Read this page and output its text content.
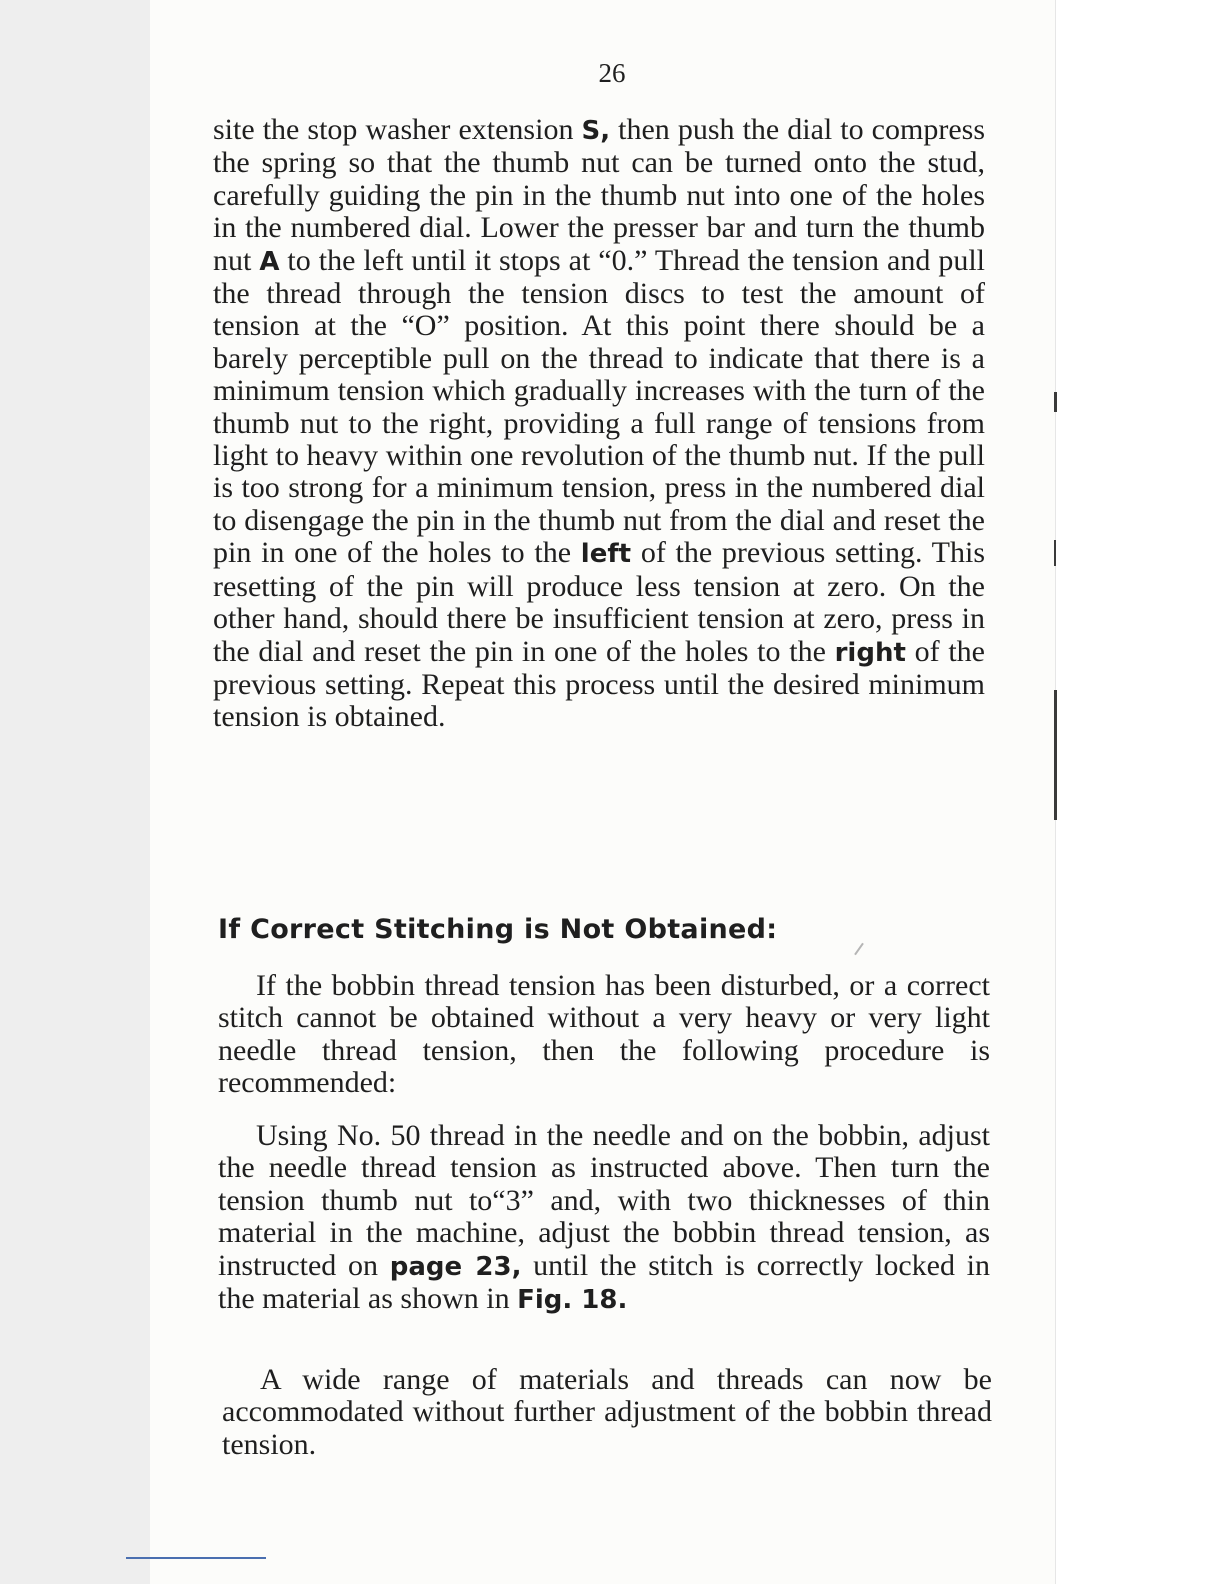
26
site the stop washer extension S, then push the dial to compress the spring so that the thumb nut can be turned onto the stud, carefully guiding the pin in the thumb nut into one of the holes in the numbered dial. Lower the presser bar and turn the thumb nut A to the left until it stops at “0.” Thread the tension and pull the thread through the tension discs to test the amount of tension at the “O” position. At this point there should be a barely perceptible pull on the thread to indicate that there is a minimum tension which gradually increases with the turn of the thumb nut to the right, providing a full range of tensions from light to heavy within one revolution of the thumb nut. If the pull is too strong for a minimum tension, press in the numbered dial to disengage the pin in the thumb nut from the dial and reset the pin in one of the holes to the left of the previous setting. This resetting of the pin will produce less tension at zero. On the other hand, should there be insufficient tension at zero, press in the dial and reset the pin in one of the holes to the right of the previous setting. Repeat this process until the desired minimum tension is obtained.
If Correct Stitching is Not Obtained:
If the bobbin thread tension has been disturbed, or a correct stitch cannot be obtained without a very heavy or very light needle thread tension, then the following procedure is recommended:
Using No. 50 thread in the needle and on the bobbin, adjust the needle thread tension as instructed above. Then turn the tension thumb nut to“3” and, with two thicknesses of thin material in the machine, adjust the bobbin thread tension, as instructed on page 23, until the stitch is correctly locked in the material as shown in Fig. 18.
A wide range of materials and threads can now be accommodated without further adjustment of the bobbin thread tension.
